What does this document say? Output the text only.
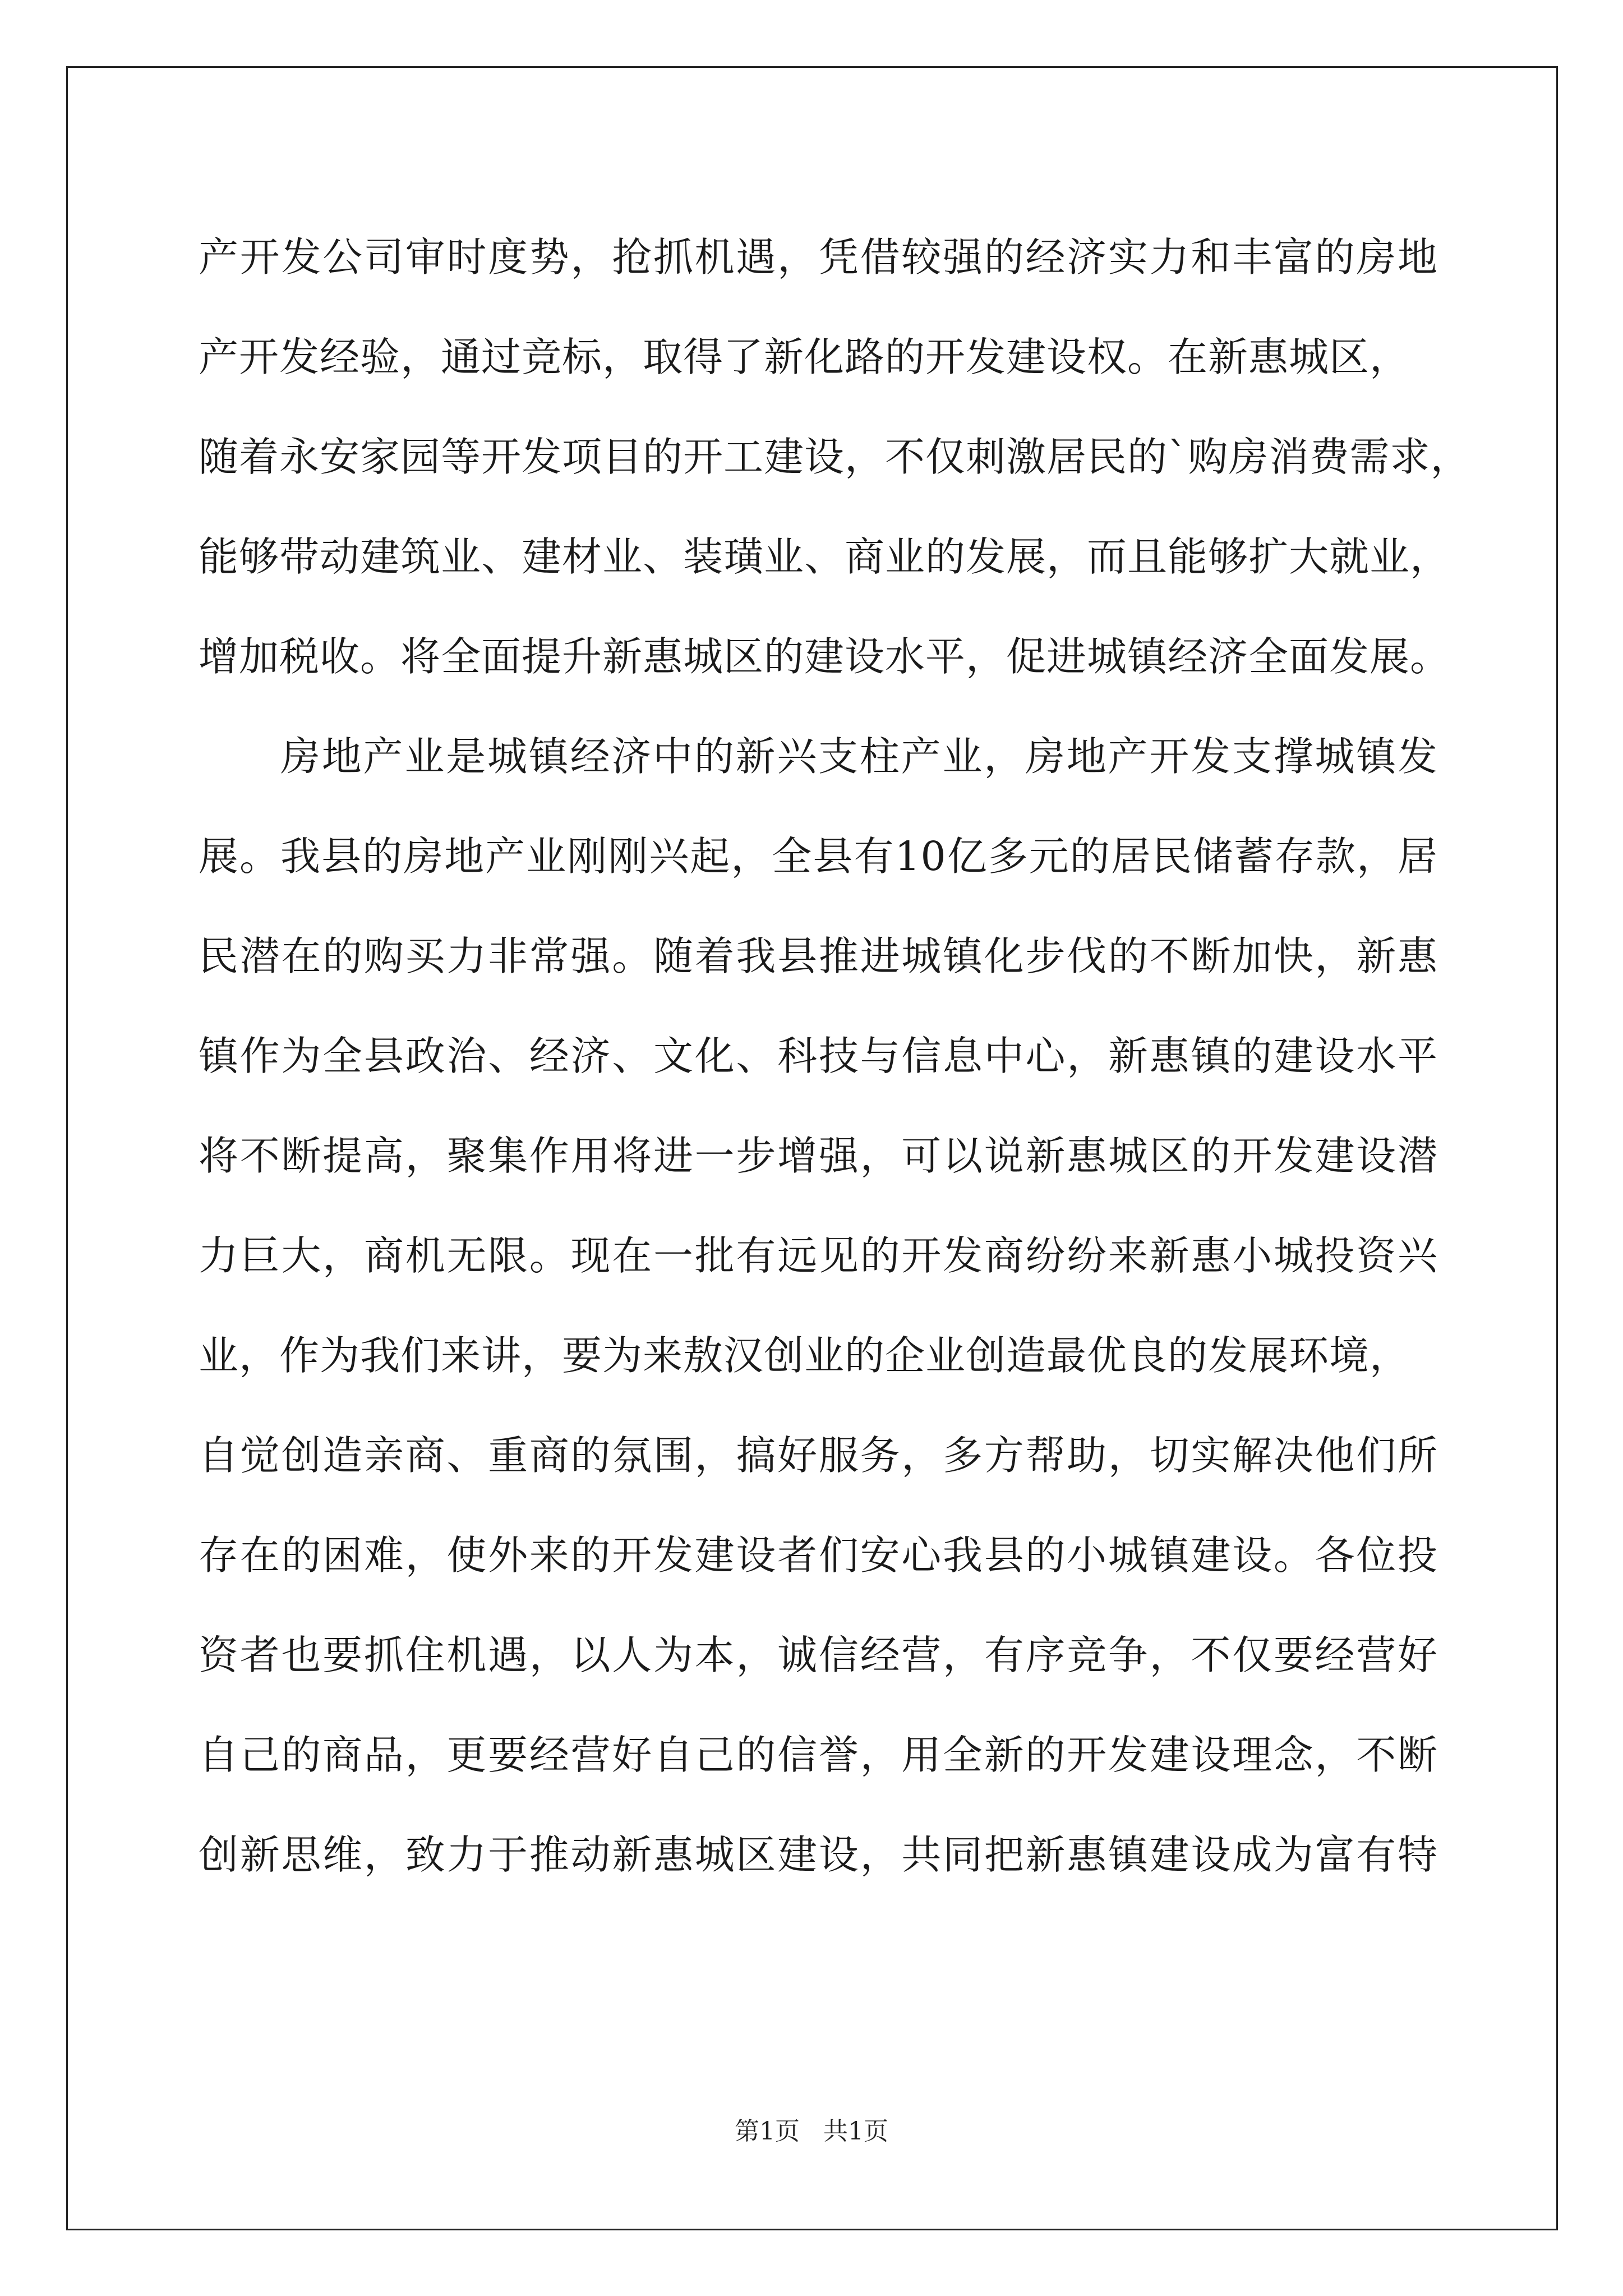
产开发公司审时度势，抢抓机遇，凭借较强的经济实力和丰富的房地
产开发经验，通过竞标，取得了新化路的开发建设权。在新惠城区，
随着永安家园等开发项目的开工建设，不仅刺激居民的`购房消费需求，
能够带动建筑业、建材业、装璜业、商业的发展，而且能够扩大就业，
增加税收。将全面提升新惠城区的建设水平，促进城镇经济全面发展。
房地产业是城镇经济中的新兴支柱产业，房地产开发支撑城镇发
展。我县的房地产业刚刚兴起，全县有10亿多元的居民储蓄存款，居
民潜在的购买力非常强。随着我县推进城镇化步伐的不断加快，新惠
镇作为全县政治、经济、文化、科技与信息中心，新惠镇的建设水平
将不断提高，聚集作用将进一步增强，可以说新惠城区的开发建设潜
力巨大，商机无限。现在一批有远见的开发商纷纷来新惠小城投资兴
业，作为我们来讲，要为来敖汉创业的企业创造最优良的发展环境，
自觉创造亲商、重商的氛围，搞好服务，多方帮助，切实解决他们所
存在的困难，使外来的开发建设者们安心我县的小城镇建设。各位投
资者也要抓住机遇，以人为本，诚信经营，有序竞争，不仅要经营好
自己的商品，更要经营好自己的信誉，用全新的开发建设理念，不断
创新思维，致力于推动新惠城区建设，共同把新惠镇建设成为富有特
第1页   共1页
